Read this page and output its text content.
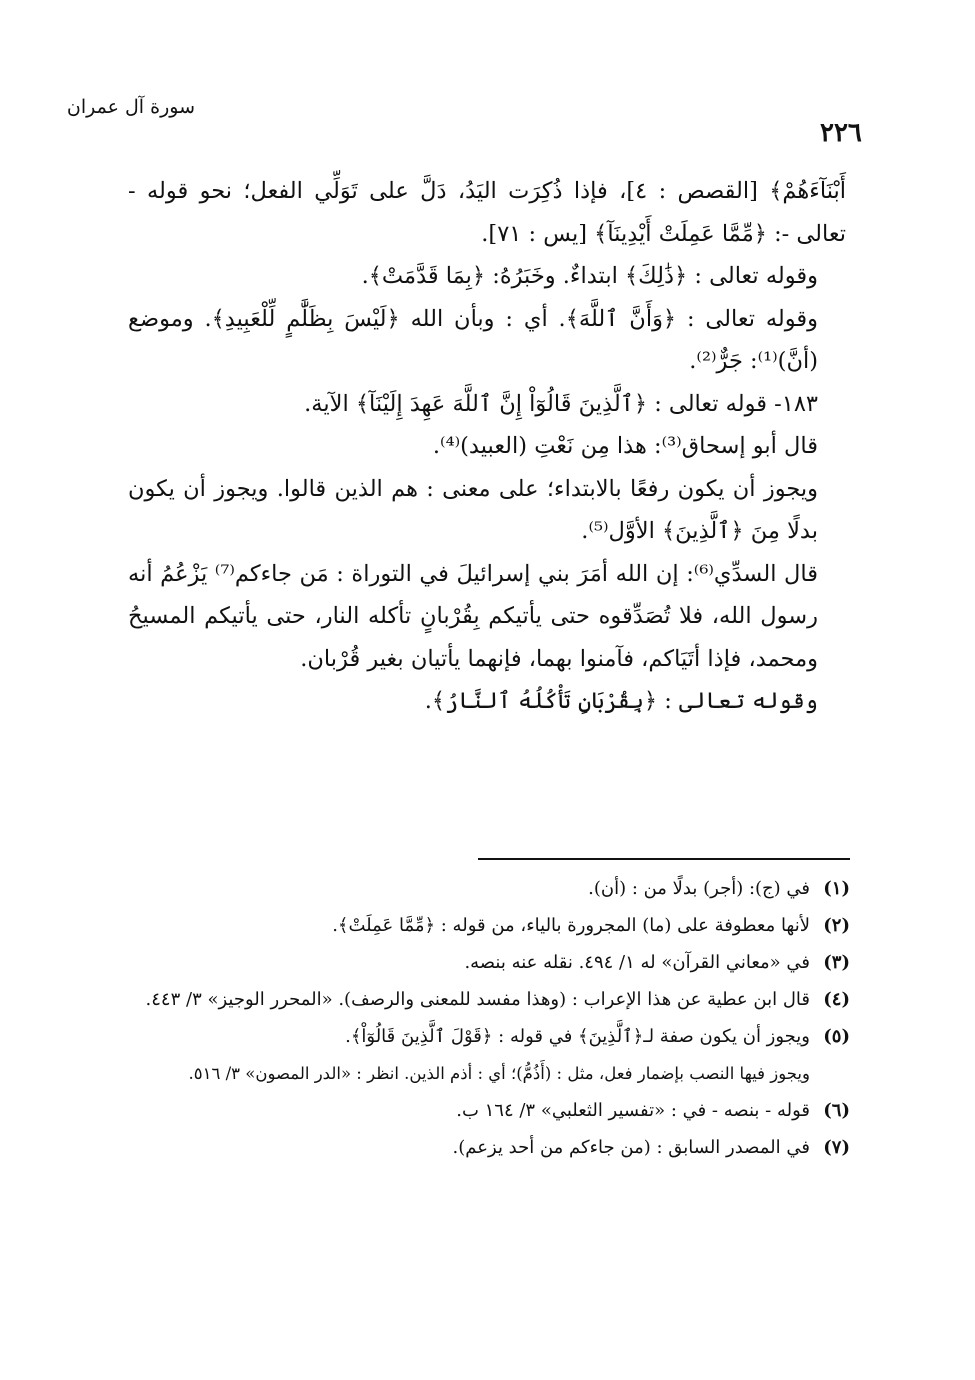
سورة آل عمران
٢٢٦

أَبْنَآءَهُمْ﴾ [القصص : ٤]، فإذا ذُكِرَت اليَدُ، دَلَّ على تَوَلِّي الفعل؛ نحو قوله - تعالى -: ﴿مِّمَّا عَمِلَتْ أَيْدِينَآ﴾ [يس : ٧١].

وقوله تعالى : ﴿ذَٰلِكَ﴾ ابتداءٌ. وخَبَرُهُ: ﴿بِمَا قَدَّمَتْ﴾.

وقوله تعالى : ﴿وَأَنَّ ٱللَّهَ﴾. أي : وبأن الله ﴿لَيْسَ بِظَلَّٰمٍ لِّلْعَبِيدِ﴾. وموضع (أنَّ)⁽¹⁾: جَرٌّ⁽²⁾.

١٨٣- قوله تعالى : ﴿ٱلَّذِينَ قَالُوٓاْ إِنَّ ٱللَّهَ عَهِدَ إِلَيْنَآ﴾ الآية.

قال أبو إسحاق⁽³⁾: هذا مِن نَعْتِ (العبيد)⁽⁴⁾.

ويجوز أن يكون رفعًا بالابتداء؛ على معنى : هم الذين قالوا. ويجوز أن يكون بدلًا مِنَ ﴿ٱلَّذِينَ﴾ الأوَّل⁽⁵⁾.

قال السدِّي⁽⁶⁾: إن الله أمَرَ بني إسرائيلَ في التوراة : مَن جاءكم⁽⁷⁾ يَزْعُمُ أنه رسول الله، فلا تُصَدِّقوه حتى يأتيكم بِقُرْبانٍ تأكله النار، حتى يأتيكم المسيحُ ومحمد، فإذا أتَيَاكم، فآمنوا بهما، فإنهما يأتيان بغير قُرْبان.

وقوله تعالى : ﴿بِقُرْبَانٍ تَأْكُلُهُ ٱلنَّارُ﴾.

(١)
في (ج): (أجر) بدلًا من : (أن).
(٢)
لأنها معطوفة على (ما) المجرورة بالياء، من قوله : ﴿مِّمَّا عَمِلَتْ﴾.
(٣)
في «معاني القرآن» له ١/ ٤٩٤. نقله عنه بنصه.
(٤)
قال ابن عطية عن هذا الإعراب : (وهذا مفسد للمعنى والرصف). «المحرر الوجيز» ٣/ ٤٤٣.
(٥)
ويجوز أن يكون صفة لـ﴿ٱلَّذِينَ﴾ في قوله : ﴿قَوْلَ ٱلَّذِينَ قَالُوٓاْ﴾.
ويجوز فيها النصب بإضمار فعل، مثل : (أَذُمُّ)؛ أي : أذم الذين. انظر : «الدر المصون» ٣/ ٥١٦.
(٦)
قوله - بنصه - في : «تفسير الثعلبي» ٣/ ١٦٤ ب.
(٧)
في المصدر السابق : (من جاءكم من أحد يزعم).
